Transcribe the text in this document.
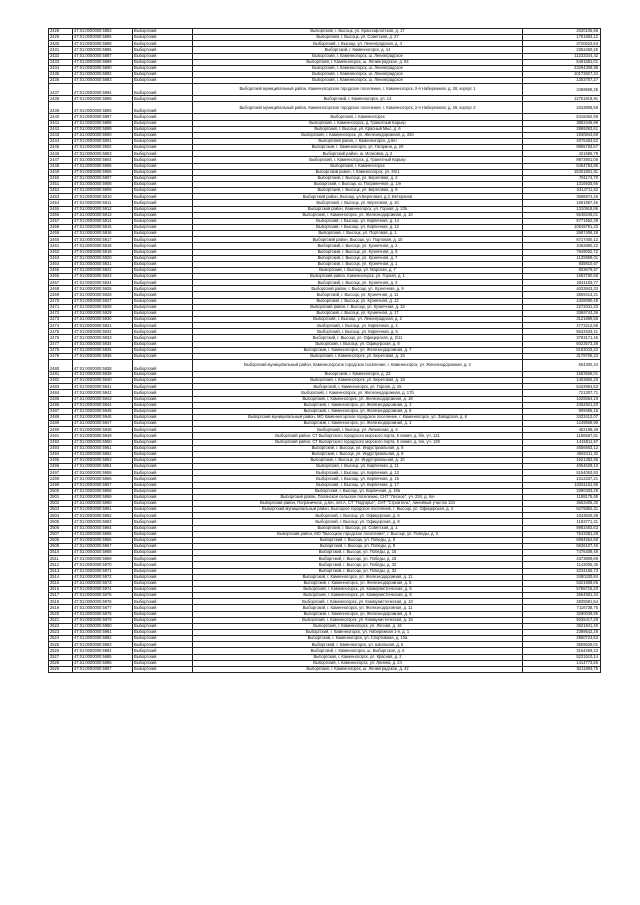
2428	47:01:0000000:5883	Выборгский	Выборгский, г. Высоцк, ул. Краснофлотская, д. 17	2020105,58
2429	47:01:0000000:5885	Выборгский	Выборгский, г. Высоцк, ул. Советская, д. 27	1751883,12
2430	47:01:0000000:5888	Выборгский	Выборгский, г. Высоцк, ул. Ленинградская, д. 4	3720622,64
2431	47:01:0000000:5886	Выборгский	Выборгский, г. Каменногорск, д. 14	2352460,25
2432	47:01:0000000:5887	Выборгский	Выборгский, г. Каменногорск, ш. Ленинградское	11233344,42
2433	47:01:0000000:5889	Выборгский	Выборгский, г. Каменногорск, ш. Ленинградское, д. 54	5461681,01
2434	47:01:0000000:5890	Выборгский	Выборгский, г. Каменногорск, ш. Ленинградское	23294308,88
2435	47:01:0000000:5892	Выборгский	Выборгский, г. Каменногорск, ш. Ленинградское	10172827,24
2436	47:01:0000000:5893	Выборгский	Выборгский, г. Каменногорск, ш. Ленинградское	1303757,27
2437	47:01:0000000:5894	Выборгский	Выборгский муниципальный район, Каменногорское городское поселение, г. Каменногорск, 2-я Набережная, д. 28, корпус 1	3459568,25
2438	47:01:0000000:5895	Выборгский	Выборгский, г. Каменногорск, ул. 14	12751819,91
2439	47:01:0000000:5896	Выборгский	Выборгский муниципальный район, Каменногорское городское поселение, г. Каменногорск, 2-я Набережная, д. 28, корпус 2	3343808,59
2440	47:01:0000000:5897	Выборгский	Выборгский, г. Каменногорск	5418462,99
2441	47:01:0000000:5898	Выборгский	Выборгский, г. Каменногорск, д. Гранитный Карьер	3862446,99
2442	47:01:0000000:5899	Выборгский	Выборгский, г. Высоцк, ул. Красный Мыс, д. 6	2869363,61
2443	47:01:0000000:5900	Выборгский	Выборгский, г. Каменногорск, ул. Железнодорожная, д. 33б	1930844,69
2444	47:01:0000000:5901	Выборгский	Выборгский район, г. Каменногорск, д.6/н	4076463,52
2445	47:01:0000000:5902	Выборгский	Выборгский, г. Каменногорск, ул. Гагарина, д. 20	9965763,57
2446	47:01:0000000:5903	Выборгский	Выборгский район, ш. Исаковка, д. 2	421595,78
2447	47:01:0000000:5904	Выборгский	Выборгский, г. Каменногорск, д. Гранитный Карьер	8973901,08
2448	47:01:0000000:5905	Выборгский	Выборгский, г. Каменногорск	5464784,86
2449	47:01:0000000:5906	Выборгский	Выборгский район, г. Каменногорск, ул. 3б/1	15301801,81
2450	47:01:0000000:5907	Выборгский	Выборгский, г. Высоцк, ул. Береговая, д. 2	781174,70
2451	47:01:0000000:5908	Выборгский	Выборгский, г. Высоцк, ш. Пограничное, д. 1/н	1316935,95
2452	47:01:0000000:5909	Выборгский	Выборгский, г. Высоцк, ул. Береговая, д. 8	6314711,62
2453	47:01:0000000:5910	Выборгский	Выборгский район, Высоцк, ул.Береговая, д.3, Ветеранов	3686974,26
2454	47:01:0000000:5911	Выборгский	Выборгский, г. Высоцк, ул. Береговая, д. 10	1591857,46
2455	47:01:0000000:5912	Выборгский	Выборгский район, Каменногорск, ул. Горная, д. 23б	1310918,86
2456	47:01:0000000:5913	Выборгский	Выборгский, г. Каменногорск, ул. Железнодорожная, д. 10	5648345,01
2457	47:01:0000000:5914	Выборгский	Выборгский, г. Высоцк, ул. Кирпичная, д. 14	6771652,39
2458	47:01:0000000:5915	Выборгский	Выборгский, г. Высоцк, ул. Кирпичная, д. 12	10549791,43
2459	47:01:0000000:5916	Выборгский	Выборгский, г. Высоцк, ул. Портовая, д. 1	2687406,28
2460	47:01:0000000:5917	Выборгский	Выборгский район, Высоцк, ул. Портовая, д. 10	6717400,12
2461	47:01:0000000:5918	Выборгский	Выборгский, г. Высоцк, ул. Кузнечная, д. 2	3462880,22
2462	47:01:0000000:5919	Выборгский	Выборгский, г. Высоцк, ул. Кузнечная, д. 5	7949002,72
2463	47:01:0000000:5920	Выборгский	Выборгский, г. Высоцк, ул. Кузнечная, д. 7	1125959,01
2464	47:01:0000000:5921	Выборгский	Выборгский, г. Высоцк, ул. Кузнечная, д. 1	938810,67
2465	47:01:0000000:5922	Выборгский	Выборгский, г. Высоцк, ул. Морская, д. 7	803679,57
2466	47:01:0000000:5923	Выборгский	Выборгский район, Каменногорск, ул. Горная, д. 1	1593780,68
2467	47:01:0000000:5924	Выборгский	Выборгский, г. Высоцк, ул. Кузнечная, д. 3	2541183,77
2468	47:01:0000000:5925	Выборгский	Выборгский район, г. Высоцк, ул. Кузнечная, д. 9	4033843,33
2469	47:01:0000000:5926	Выборгский	Выборгский, г. Высоцк, ул. Кузнечная, д. 11	3659413,31
2470	47:01:0000000:5927	Выборгский	Выборгский, г. Высоцк, ул. Кузнечная, д. 13	4328090,48
2471	47:01:0000000:5928	Выборгский	Выборгский район, г. Высоцк, ул. Кузнечная, д. 15	2272031,33
2472	47:01:0000000:5929	Выборгский	Выборгский, г. Высоцк, ул. Кузнечная, д. 17	3369743,36
2473	47:01:0000000:5930	Выборгский	Выборгский, г. Высоцк, ул. Ленинградская, д. 2	3121889,55
2474	47:01:0000000:5931	Выборгский	Выборгский, г. Высоцк, ул. Кирпичная, д. 2	4773212,88
2475	47:01:0000000:5932	Выборгский	Выборгский, г. Высоцк, ул. Кирпичная, д. 6	5643433,21
2476	47:01:0000000:5933	Выборгский	Выборгский, г. Высоцк, ул. Офицерская, д. 2/11	3793171,46
2477	47:01:0000000:5934	Выборгский	Выборгский, г. Высоцк, ул. Офицерская, д. 8	6023573,38
2478	47:01:0000000:5935	Выборгский	Выборгский, г. Каменногорск, ул. Железнодорожная, д. 7	5183033,22
2479	47:01:0000000:5936	Выборгский	Выборгский, г. Каменногорск, ул. Береговая, д. 16	3179705,33
2480	47:01:0000000:5938	Выборгский	Выборгский муниципальный район, Каменногорское городское поселение, г. Каменногорск, ул. Железнодорожная, д. 4	504300,24
2481	47:01:0000000:5939	Выборгский	Выборгский, г. Каменногорск, д. 23	1583569,01
2482	47:01:0000000:5940	Выборгский	Выборгский, г. Каменногорск, ул. Береговая, д. 18	1403892,20
2483	47:01:0000000:5941	Выборгский	Выборгский, г. Каменногорск, ул. Горная, д. 15	5422954,53
2484	47:01:0000000:5942	Выборгский	Выборгский, г. Каменногорск, ул. Железнодорожная, д. 17б	721307,71
2485	47:01:0000000:5943	Выборгский	Выборгский, г. Каменногорск, ул. Железнодорожная, д. 19	1028554,19
2486	47:01:0000000:5944	Выборгский	Выборгский, г. Каменногорск, ул. Железнодорожная, д. 3	4462921,20
2487	47:01:0000000:5945	Выборгский	Выборгский, г. Каменногорск, ул. Железнодорожная, д. 5	909465,16
2488	47:01:0000000:5946	Выборгский	Выборгский муниципальный район, МО Каменногорское городское поселение, г. Каменногорск, ул. Заводская, д. 6	3423412,07
2489	47:01:0000000:5947	Выборгский	Выборгский, г. Каменногорск, ул. Железнодорожная, д. 1	1249569,98
2490	47:01:0000000:5948	Выборгский	Выборгский, г. Высоцк, ул. Ленинская, д. 4	452199,29
2491	47:01:0000000:5949	Выборгский	Выборгский район, СТ Выборгского городского морского порта, 5 линия, д. б/н, уч. 121	1186567,01
2492	47:01:0000000:5950	Выборгский	Выборгский район, СТ Выборгского городского морского порта, 5 линия, д. б/н, уч. 129	1415811,67
2493	47:01:0000000:5951	Выборгский	Выборгский, г. Высоцк, ул. Индустриальная, д. 8	4556683,12
2494	47:01:0000000:5952	Выборгский	Выборгский, г. Высоцк, ул. Индустриальная, д. 8	4682411,32
2495	47:01:0000000:5953	Выборгский	Выборгский, г. Высоцк, ул. Индустриальная, д. 10	1621382,96
2496	47:01:0000000:5954	Выборгский	Выборгский, г. Высоцк, ул. Кирпичная, д. 11	4064629,10
2497	47:01:0000000:5955	Выборгский	Выборгский, г. Высоцк, ул. Кирпичная, д. 13	5154063,93
2498	47:01:0000000:5956	Выборгский	Выборгский, г. Высоцк, ул. Кирпичная, д. 15	1012337,21
2499	47:01:0000000:5957	Выборгский	Выборгский, г. Высоцк, ул. Кирпичная, д. 17	10251161,55
2500	47:01:0000000:5958	Выборгский	Выборгский, г. Высоцк, ул. Кирпичная, д. 19а	3390403,28
2501	47:01:0000000:5959	Выборгский	Выборгский район, Полянское сельское поселение, СНТ "Лесное", уч. 234, д. б/н	1188175,65
2502	47:01:0000000:5960	Выборгский	Выборгский район, Пограничное, д.б/н, лит.А, СТ "Подгорье", СНТ "Строитель", линейный участок 134	3663405,30
2503	47:01:0000000:5961	Выборгский	Выборгский муниципальный район, Высоцкое городское поселение, г. Высоцк, ул. Офицерская, д. 4	6275862,31
2504	47:01:0000000:5962	Выборгский	Выборгский, г. Высоцк, ул. Офицерская, д. 6	1043520,38
2505	47:01:0000000:5963	Выборгский	Выборгский, г. Высоцк, ул. Офицерская, д. 8	1183771,21
2506	47:01:0000000:5964	Выборгский	Выборгский, г. Высоцк, ул. Советская, д. 1	8983492,63
2507	47:01:0000000:5965	Выборгский	Выборгский район, МО "Высоцкое городское поселение", г. Высоцк, ул. Победы, д. 3	7543381,28
2508	47:01:0000000:5966	Выборгский	Выборгский, г. Высоцк, ул. Победы, д. 5	6584554,68
2509	47:01:0000000:5967	Выборгский	Выборгский, г. Высоцк, ул. Победы, д. 8	5626107,46
2510	47:01:0000000:5968	Выборгский	Выборгский, г. Высоцк, ул. Победы, д. 16	7476409,49
2511	47:01:0000000:5969	Выборгский	Выборгский, г. Высоцк, ул. Победы, д. 18	4373809,69
2512	47:01:0000000:5970	Выборгский	Выборгский, г. Высоцк, ул. Победы, д. 32	1142005,35
2513	47:01:0000000:5971	Выборгский	Выборгский, г. Высоцк, ул. Победы, д. 34	4234165,73
2514	47:01:0000000:5972	Выборгский	Выборгский, г. Каменногорск, ул. Железнодорожная, д. 11	3480330,84
2515	47:01:0000000:5973	Выборгский	Выборгский, г. Каменногорск, ул. Железнодорожная, д. 5	5321908,65
2516	47:01:0000000:5974	Выборгский	Выборгский, г. Каменногорск, ул. Коммунистическая, д. 6	5766715,20
2517	47:01:0000000:5975	Выборгский	Выборгский, г. Каменногорск, ул. Коммунистическая, д. 8	2564591,34
2518	47:01:0000000:5976	Выборгский	Выборгский, г. Каменногорск, ул. Коммунистическая, д. 10	2835581,54
2519	47:01:0000000:5977	Выборгский	Выборгский, г. Каменногорск, ул. Железнодорожная, д. 11	7116738,75
2520	47:01:0000000:5978	Выборгский	Выборгский, г. Каменногорск, ул. Железнодорожная, д. 5	3290049,95
2521	47:01:0000000:5979	Выборгский	Выборгский, г. Каменногорск, ул. Коммунистическая, д. 16	5035417,29
2522	47:01:0000000:5980	Выборгский	Выборгский, г. Каменногорск, ул. Лесная, д. 16	3621841,40
2523	47:01:0000000:5981	Выборгский	Выборгский, г. Каменногорск, ул. Набережная 1-я, д. 1	2389542,29
2524	47:01:0000000:5982	Выборгский	Выборгский, г. Каменногорск, ул. Спортивная, д. 10а	2860723,63
2525	47:01:0000000:5983	Выборгский	Выборгский, г. Каменногорск, ул. Школьная, д. 6	3559629,01
2526	47:01:0000000:5984	Выборгский	Выборгский, г. Каменногорск, ш. Выборгское, д. 6	3164269,23
2527	47:01:0000000:5985	Выборгский	Выборгский, г. Каменногорск, ул. Красная, д. 2	5231510,14
2528	47:01:0000000:5986	Выборгский	Выборгский, г. Каменногорск, ул. Ленина, д. 24	1414773,56
2529	47:01:0000000:5987	Выборгский	Выборгский, г. Каменногорск, ш. Ленинградское, д. 42	8211893,75
